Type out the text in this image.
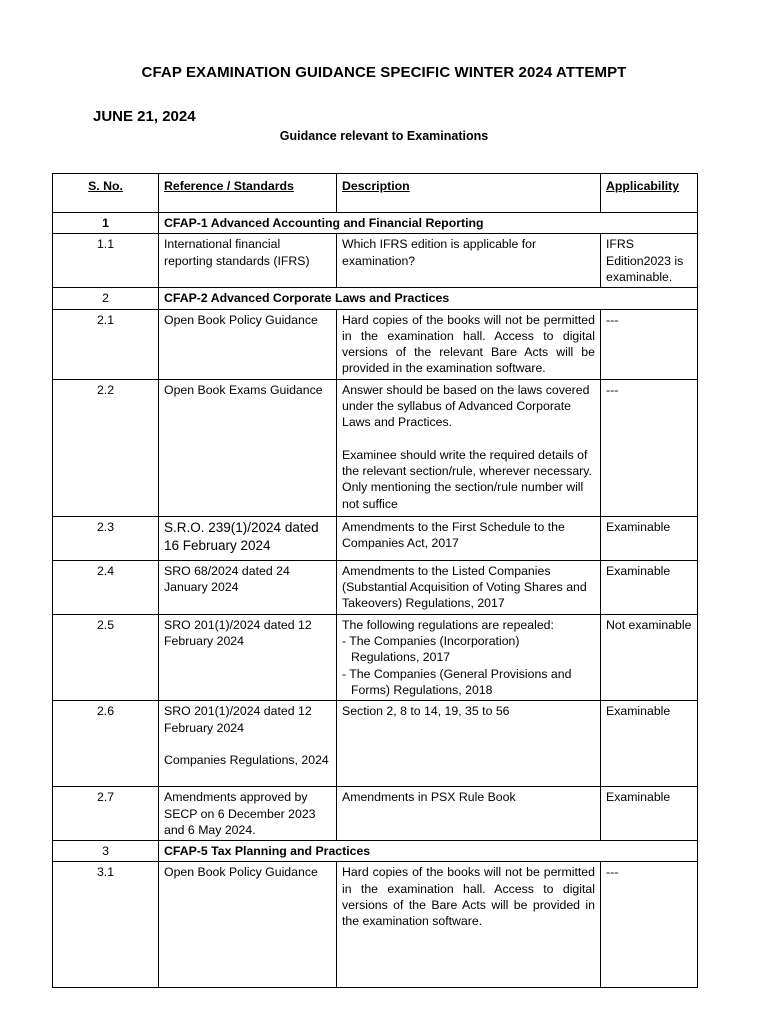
CFAP EXAMINATION GUIDANCE SPECIFIC WINTER 2024 ATTEMPT
JUNE 21, 2024
Guidance relevant to Examinations
S. No.	Reference / Standards	Description	Applicability
1	CFAP-1 Advanced Accounting and Financial Reporting		
1.1	International financial reporting standards (IFRS)	Which IFRS edition is applicable for examination?	IFRS Edition2023 is examinable.
2	CFAP-2 Advanced Corporate Laws and Practices		
2.1	Open Book Policy Guidance	Hard copies of the books will not be permitted in the examination hall. Access to digital versions of the relevant Bare Acts will be provided in the examination software.	---
2.2	Open Book Exams Guidance	Answer should be based on the laws covered under the syllabus of Advanced Corporate Laws and Practices.
Examinee should write the required details of the relevant section/rule, wherever necessary. Only mentioning the section/rule number will not suffice	---
2.3	S.R.O. 239(1)/2024 dated 16 February 2024	Amendments to the First Schedule to the Companies Act, 2017	Examinable
2.4	SRO 68/2024 dated 24 January 2024	Amendments to the Listed Companies (Substantial Acquisition of Voting Shares and Takeovers) Regulations, 2017	Examinable
2.5	SRO 201(1)/2024 dated 12 February 2024	The following regulations are repealed:
- The Companies (Incorporation)
Regulations, 2017
- The Companies (General Provisions and
Forms) Regulations, 2018	Not examinable
2.6	SRO 201(1)/2024 dated 12 February 2024
Companies Regulations, 2024	Section 2, 8 to 14, 19, 35 to 56	Examinable
2.7	Amendments approved by SECP on 6 December 2023 and 6 May 2024.	Amendments in PSX Rule Book	Examinable
3	CFAP-5 Tax Planning and Practices		
3.1	Open Book Policy Guidance	Hard copies of the books will not be permitted in the examination hall. Access to digital versions of the Bare Acts will be provided in the examination software.	---
